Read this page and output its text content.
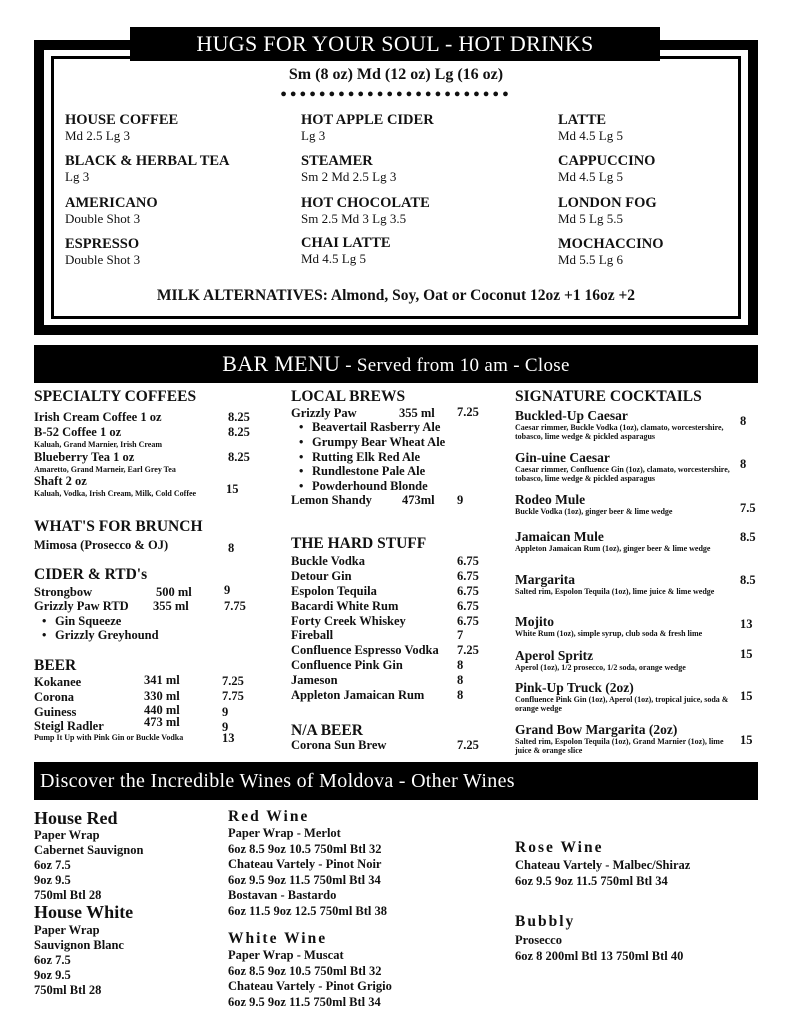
HUGS FOR YOUR SOUL - HOT DRINKS
Sm (8 oz) Md (12 oz) Lg (16 oz)
●●●●●●●●●●●●●●●●●●●●●●●●
HOUSE COFFEE
Md 2.5 Lg 3
BLACK & HERBAL TEA
Lg 3
AMERICANO
Double Shot 3
ESPRESSO
Double Shot 3
HOT APPLE CIDER
Lg 3
STEAMER
Sm 2 Md 2.5 Lg 3
HOT CHOCOLATE
Sm 2.5 Md 3 Lg 3.5
CHAI LATTE
Md 4.5 Lg 5
LATTE
Md 4.5 Lg 5
CAPPUCCINO
Md 4.5 Lg 5
LONDON FOG
Md 5 Lg 5.5
MOCHACCINO
Md 5.5 Lg 6
MILK ALTERNATIVES: Almond, Soy, Oat or Coconut 12oz +1 16oz +2
BAR MENU - Served from 10 am - Close
SPECIALTY COFFEES
Irish Cream Coffee 1 oz	8.25
B-52 Coffee 1 oz	8.25
Kaluah, Grand Marnier, Irish Cream
Blueberry Tea 1 oz	8.25
Amaretto, Grand Marneir, Earl Grey Tea
Shaft 2 oz
15
Kaluah, Vodka, Irish Cream, Milk, Cold Coffee
WHAT'S FOR BRUNCH
Mimosa (Prosecco & OJ)	8
CIDER & RTD's
Strongbow	500 ml	9
Grizzly Paw RTD 355 ml	7.75
• Gin Squeeze
• Grizzly Greyhound
BEER
Kokanee	341 ml	7.25
Corona	330 ml	7.75
Guiness	440 ml	9
Steigl Radler	473 ml	9
Pump It Up with Pink Gin or Buckle Vodka	13
LOCAL BREWS
Grizzly Paw	355 ml 7.25
• Beavertail Rasberry Ale
• Grumpy Bear Wheat Ale
• Rutting Elk Red Ale
• Rundlestone Pale Ale
• Powderhound Blonde
Lemon Shandy 473ml 9
THE HARD STUFF
Buckle Vodka	6.75
Detour Gin	6.75
Espolon Tequila	6.75
Bacardi White Rum	6.75
Forty Creek Whiskey	6.75
Fireball	7
Confluence Espresso Vodka 7.25
Confluence Pink Gin	8
Jameson	8
Appleton Jamaican Rum	8
N/A BEER
Corona Sun Brew	7.25
SIGNATURE COCKTAILS
Buckled-Up Caesar
Caesar rimmer, Buckle Vodka (1oz), clamato, worcestershire, tobasco, lime wedge & pickled asparagus
8
Gin-uine Caesar
Caesar rimmer, Confluence Gin (1oz), clamato, worcestershire, tobasco, lime wedge & pickled asparagus
8
Rodeo Mule
Buckle Vodka (1oz), ginger beer & lime wedge	7.5
Jamaican Mule
Appleton Jamaican Rum (1oz), ginger beer & lime wedge
8.5
Margarita
Salted rim, Espolon Tequila (1oz), lime juice & lime wedge
8.5
Mojito
White Rum (1oz), simple syrup, club soda & fresh lime
13
Aperol Spritz
Aperol (1oz), 1/2 prosecco, 1/2 soda, orange wedge
15
Pink-Up Truck (2oz)
Confluence Pink Gin (1oz), Aperol (1oz), tropical juice, soda & orange wedge
15
Grand Bow Margarita (2oz)
Salted rim, Espolon Tequila (1oz), Grand Marnier (1oz), lime juice & orange slice
15
Discover the Incredible Wines of Moldova - Other Wines
House Red
Paper Wrap
Cabernet Sauvignon
6oz 7.5
9oz 9.5
750ml Btl 28
House White
Paper Wrap
Sauvignon Blanc
6oz 7.5
9oz 9.5
750ml Btl 28
Red Wine
Paper Wrap - Merlot
6oz 8.5 9oz 10.5 750ml Btl 32
Chateau Vartely - Pinot Noir
6oz 9.5 9oz 11.5 750ml Btl 34
Bostavan - Bastardo
6oz 11.5 9oz 12.5 750ml Btl 38
White Wine
Paper Wrap - Muscat
6oz 8.5 9oz 10.5 750ml Btl 32
Chateau Vartely - Pinot Grigio
6oz 9.5 9oz 11.5 750ml Btl 34
Rose Wine
Chateau Vartely - Malbec/Shiraz
6oz 9.5 9oz 11.5 750ml Btl 34
Bubbly
Prosecco
6oz 8 200ml Btl 13 750ml Btl 40
